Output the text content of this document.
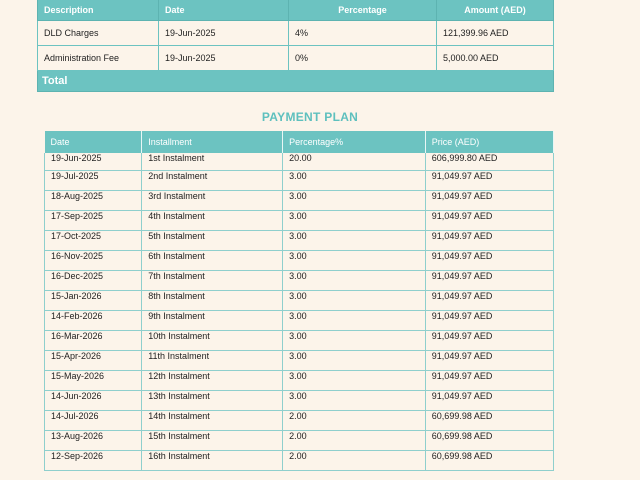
Description	Date	Percentage	Amount (AED)
DLD Charges	19-Jun-2025	4%	121,399.96 AED
Administration Fee	19-Jun-2025	0%	5,000.00 AED
Total			
PAYMENT PLAN
Date	Installment	Percentage%	Price (AED)
19-Jun-2025	1st Instalment	20.00	606,999.80 AED
19-Jul-2025	2nd Instalment	3.00	91,049.97 AED
18-Aug-2025	3rd Instalment	3.00	91,049.97 AED
17-Sep-2025	4th Instalment	3.00	91,049.97 AED
17-Oct-2025	5th Instalment	3.00	91,049.97 AED
16-Nov-2025	6th Instalment	3.00	91,049.97 AED
16-Dec-2025	7th Instalment	3.00	91,049.97 AED
15-Jan-2026	8th Instalment	3.00	91,049.97 AED
14-Feb-2026	9th Instalment	3.00	91,049.97 AED
16-Mar-2026	10th Instalment	3.00	91,049.97 AED
15-Apr-2026	11th Instalment	3.00	91,049.97 AED
15-May-2026	12th Instalment	3.00	91,049.97 AED
14-Jun-2026	13th Instalment	3.00	91,049.97 AED
14-Jul-2026	14th Instalment	2.00	60,699.98 AED
13-Aug-2026	15th Instalment	2.00	60,699.98 AED
12-Sep-2026	16th Instalment	2.00	60,699.98 AED
